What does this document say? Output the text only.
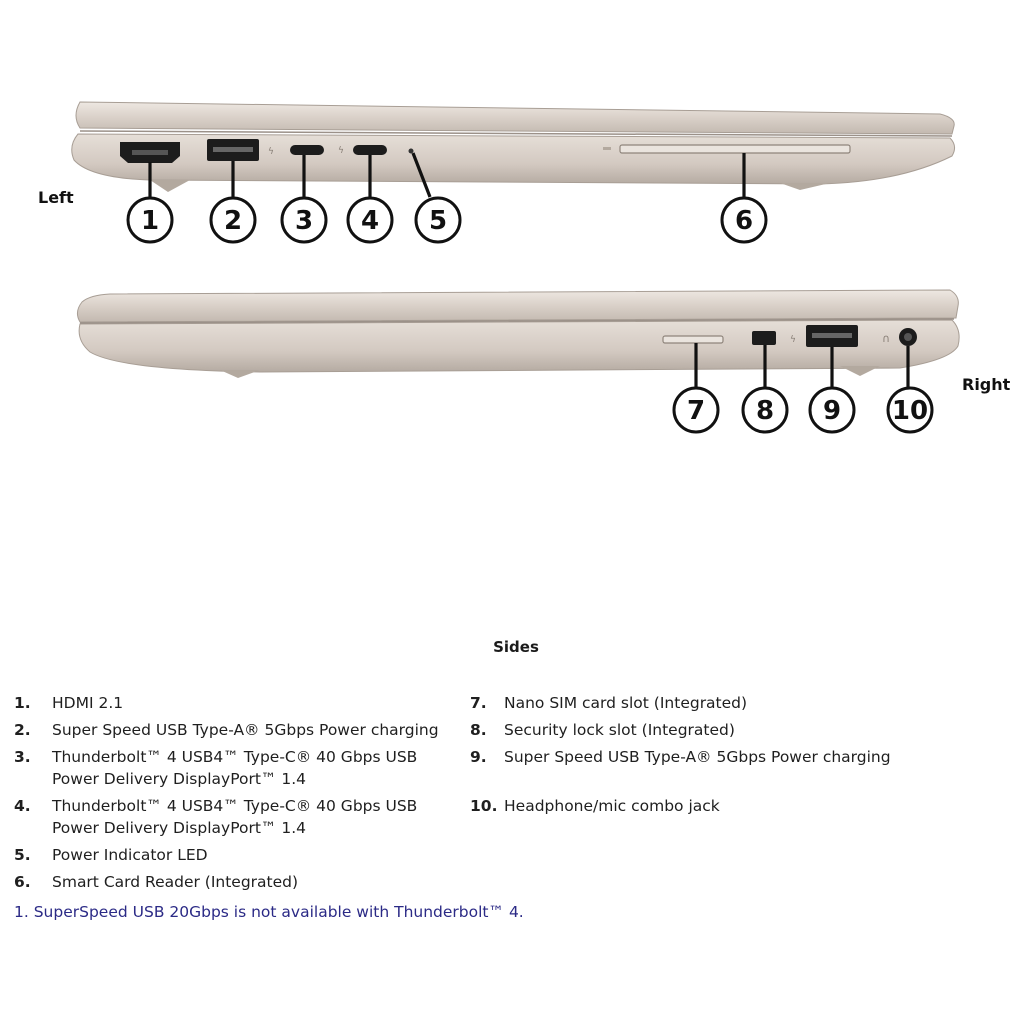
ϟ	ϟ
1 2 3 4 5	6
Left
ϟ	∩
7 8 9 10
Right
Sides
1.	HDMI 2.1
2.	Super Speed USB Type-A® 5Gbps Power charging
3.	Thunderbolt™ 4 USB4™ Type-C® 40 Gbps USB Power Delivery DisplayPort™ 1.4
4.	Thunderbolt™ 4 USB4™ Type-C® 40 Gbps USB Power Delivery DisplayPort™ 1.4
5.	Power Indicator LED
6.	Smart Card Reader (Integrated)
7.	Nano SIM card slot (Integrated)
8.	Security lock slot (Integrated)
9.	Super Speed USB Type-A® 5Gbps Power charging
10. Headphone/mic combo jack
1. SuperSpeed USB 20Gbps is not available with Thunderbolt™ 4.
